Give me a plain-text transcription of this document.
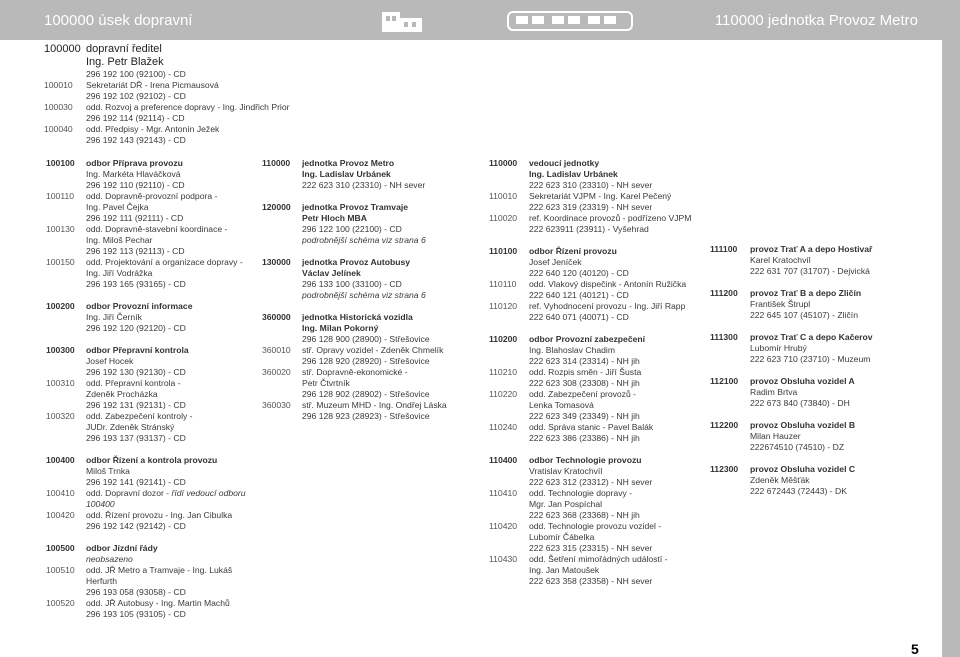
100000 úsek dopravní	110000 jednotka Provoz Metro
100000 dopravní ředitel
Ing. Petr Blažek
296 192 100 (92100) - CD
100010	Sekretariát DŘ - Irena Picmausová
296 192 102 (92102) - CD
100030	odd. Rozvoj a preference dopravy - Ing. Jindřich Prior
296 192 114 (92114) - CD
100040	odd. Předpisy - Mgr. Antonín Ježek
296 192 143 (92143) - CD
100100	odbor Příprava provozu
Ing. Markéta Hlaváčková
296 192 110 (92110) - CD
100110	odd. Dopravně-provozní podpora -
Ing. Pavel Čejka
296 192 111 (92111) - CD
100130	odd. Dopravně-stavební koordinace -
Ing. Miloš Pechar
296 192 113 (92113) - CD
100150	odd. Projektování a organizace dopravy -
Ing. Jiří Vodrážka
296 193 165 (93165) - CD
100200	odbor Provozní informace
Ing. Jiří Černík
296 192 120 (92120) - CD
100300	odbor Přepravní kontrola
Josef Hocek
296 192 130 (92130) - CD
100310	odd. Přepravní kontrola -
Zdeněk Procházka
296 192 131 (92131) - CD
100320	odd. Zabezpečení kontroly -
JUDr. Zdeněk Stránský
296 193 137 (93137) - CD
100400	odbor Řízení a kontrola provozu
Miloš Trnka
296 192 141 (92141) - CD
100410	odd. Dopravní dozor - řídí vedoucí odboru 100400
100420	odd. Řízení provozu - Ing. Jan Cibulka
296 192 142 (92142) - CD
100500	odbor Jízdní řády
neobsazeno
100510	odd. JŘ Metro a Tramvaje - Ing. Lukáš Herfurth
296 193 058 (93058) - CD
100520	odd. JŘ Autobusy - Ing. Martin Machů
296 193 105 (93105) - CD
110000	jednotka Provoz Metro
Ing. Ladislav Urbánek
222 623 310 (23310) - NH sever
120000	jednotka Provoz Tramvaje
Petr Hloch MBA
296 122 100 (22100) - CD
podrobnější schéma viz strana 6
130000	jednotka Provoz Autobusy
Václav Jelínek
296 133 100 (33100) - CD
podrobnější schéma viz strana 6
360000	jednotka Historická vozidla
Ing. Milan Pokorný
296 128 900 (28900) - Střešovice
360010	stř. Opravy vozidel - Zdeněk Chmelík
296 128 920 (28920) - Střešovice
360020	stř. Dopravně-ekonomické -
Petr Čtvrtník
296 128 902 (28902) - Střešovice
360030	stř. Muzeum MHD - Ing. Ondřej Láska
296 128 923 (28923) - Střešovice
110000	vedoucí jednotky
Ing. Ladislav Urbánek
222 623 310 (23310) - NH sever
110010	Sekretariát VJPM - Ing. Karel Pečený
222 623 319 (23319) - NH sever
110020	ref. Koordinace provozů - podřízeno VJPM
222 623911 (23911) - Vyšehrad
110100	odbor Řízení provozu
Josef Jeníček
222 640 120 (40120) - CD
110110	odd. Vlakový dispečink - Antonín Ružička
222 640 121 (40121) - CD
110120	ref. Vyhodnocení provozu - Ing. Jiří Rapp
222 640 071 (40071) - CD
110200	odbor Provozní zabezpečení
Ing. Blahoslav Chadim
222 623 314 (23314) - NH jih
110210	odd. Rozpis směn - Jiří Šusta
222 623 308 (23308) - NH jih
110220	odd. Zabezpečení provozů -
Lenka Tomasová
222 623 349 (23349) - NH jih
110240	odd. Správa stanic - Pavel Balák
222 623 386 (23386) - NH jih
110400	odbor Technologie provozu
Vratislav Kratochvíl
222 623 312 (23312) - NH sever
110410	odd. Technologie dopravy -
Mgr. Jan Pospíchal
222 623 368 (23368) - NH jih
110420	odd. Technologie provozu vozidel -
Lubomír Čábelka
222 623 315 (23315) - NH sever
110430	odd. Šetření mimořádných událostí -
Ing. Jan Matoušek
222 623 358 (23358) - NH sever
111100	provoz Trať A a depo Hostivař
Karel Kratochvíl
222 631 707 (31707) - Dejvická
111200	provoz Trať B a depo Zličín
František Štrupl
222 645 107 (45107) - Zličín
111300	provoz Trať C a depo Kačerov
Lubomír Hrubý
222 623 710 (23710) - Muzeum
112100	provoz Obsluha vozidel A
Radim Brtva
222 673 840 (73840) - DH
112200	provoz Obsluha vozidel B
Milan Hauzer
222674510 (74510) - DZ
112300	provoz Obsluha vozidel C
Zdeněk Měšťák
222 672443 (72443) - DK
5
